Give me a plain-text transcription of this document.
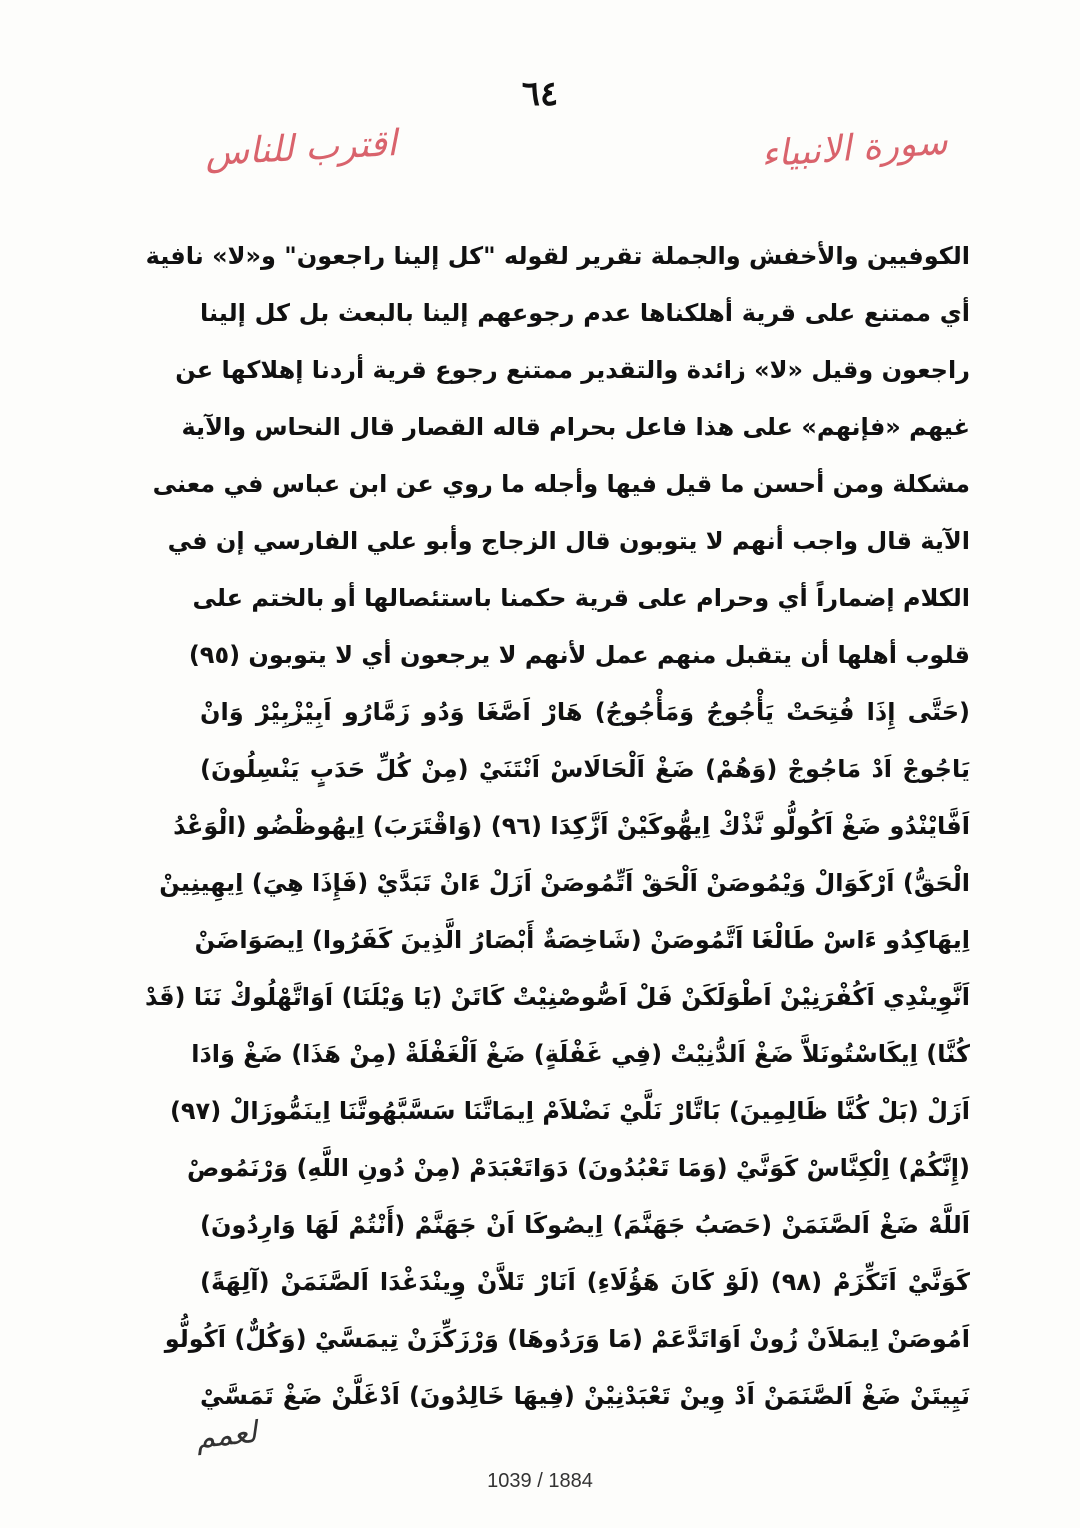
٦٤
سورة الانبياء
اقترب للناس
الكوفيين والأخفش والجملة تقرير لقوله "كل إلينا راجعون" و«لا» نافية
أي ممتنع على قرية أهلكناها عدم رجوعهم إلينا بالبعث بل كل إلينا
راجعون وقيل «لا» زائدة والتقدير ممتنع رجوع قرية أردنا إهلاكها عن
غيهم «فإنهم» على هذا فاعل بحرام قاله القصار قال النحاس والآية
مشكلة ومن أحسن ما قيل فيها وأجله ما روي عن ابن عباس في معنى
الآية قال واجب أنهم لا يتوبون قال الزجاج وأبو علي الفارسي إن في
الكلام إضماراً أي وحرام على قرية حكمنا باستئصالها أو بالختم على
قلوب أهلها أن يتقبل منهم عمل لأنهم لا يرجعون أي لا يتوبون (٩٥)
(حَتَّى إِذَا فُتِحَتْ يَأْجُوجُ وَمَأْجُوجُ) هَارْ اَصَّغَا وَدُو زَمَّارُو اَبِيْزْبِيْرْ وَانْ
يَاجُوجْ اَدْ مَاجُوجْ (وَهُمْ) ضَغْ اَلْحَالَاسْ اَنْتَنَيْ (مِنْ كُلِّ حَدَبٍ يَنْسِلُونَ)
اَفَّايْنْدُو ضَغْ اَكُولُّو نَّذْكْ اِيهُّوكَيْنْ اَزَّكِدَا (٩٦) (وَاقْتَرَبَ) اِيهُوظْضُو (الْوَعْدُ
الْحَقُّ) اَرْكَوَالْ وَيْمُوصَنْ اَلْحَقْ اَتِّمُوصَنْ اَزَلْ ءَانْ تَبَدَّيْ (فَإِذَا هِيَ) اِيهِينِينْ
اِيهَاكِدُو ءَاسْ طَالْغَا اَتَّمُوصَنْ (شَاخِصَةٌ أَبْصَارُ الَّذِينَ كَفَرُوا) اِيصَوَاضَنْ
اَنَّوِينْدِي اَكُفْرَنِيْنْ اَطْوَلَكَنْ فَلْ اَصُّوصْنِيْتْ كَاتَنْ (يَا وَيْلَنَا) اَوَاتَّهْلُوكْ نَنَا (قَدْ
كُنَّا) اِيكَاسْتُونَلاَّ ضَغْ اَلدُّنِيْتْ (فِي غَفْلَةٍ) ضَغْ اَلْغَفْلَةْ (مِنْ هَذَا) ضَغْ وَادَا
اَزَلْ (بَلْ كُنَّا ظَالِمِينَ) بَاتَّارْ نَلَّيْ نَضْلاَمْ اِيمَاتَّنَا سَسَّبَّهُوتَّنَا اِينَمُّوزَالْ (٩٧)
(إِنَّكُمْ) اِلْكِنَّاسْ كَوَنَّيْ (وَمَا تَعْبُدُونَ) دَوَاتَعْبَدَمْ (مِنْ دُونِ اللَّهِ) وَرْنَمُوصْ
اَللَّهْ ضَغْ اَلصَّنَمَنْ (حَصَبُ جَهَنَّمَ) اِيصُوكَا اَنْ جَهَنَّمْ (أَنْتُمْ لَهَا وَارِدُونَ)
كَوَنَّيْ اَتَكِّزَمْ (٩٨) (لَوْ كَانَ هَؤُلَاءِ) اَنَارْ تَلاَّنْ وِينْدَغْدَا اَلصَّنَمَنْ (آلِهَةً)
اَمُوصَنْ اِيمَلاَنْ زُونْ اَوَاتَدَّعَمْ (مَا وَرَدُوهَا) وَرْزَكِّزَنْ تِيمَسَّيْ (وَكُلٌّ) اَكُولُّو
نَيِيتَنْ ضَغْ اَلصَّنَمَنْ اَدْ وِينْ تَعْبَدْنِيْنْ (فِيهَا خَالِدُونَ) اَدْغَلَّنْ ضَغْ تَمَسَّيْ
لعمم
1039 / 1884
